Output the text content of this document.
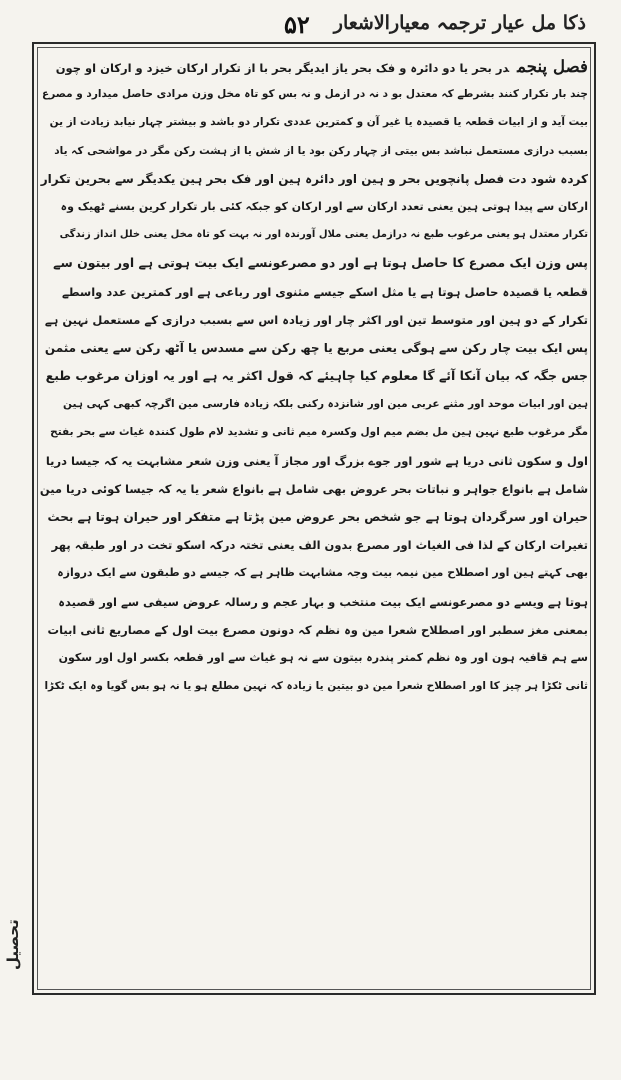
ذکا مل عیار ترجمہ معیارالاشعار
۵۲
فصل پنجمدر بحر یا دو دائرہ و فک بحر یاز ایدیگر بحر با از تکرار ارکان خیزد و ارکان او چون
چند بار تکرار کنند بشرطے کہ معتدل بو د نہ در ازمل و نہ بس کو تاہ مخل وزن مرادی حاصل میدارد و مصرع
بیت آید و از ابیات قطعہ یا قصیدہ یا غیر آن و کمترین عددی تکرار دو باشد و بیشتر چہار نیابد زیادت از ین
بسبب درازی مستعمل نباشد بس بیتی از چہار رکن بود یا از شش یا از ہشت رکن مگر در مواشحی کہ یاد
کردہ شود دت فصل پانچویں بحر و ہین اور دائرہ ہین اور فک بحر ہین یکدیگر سے بحرین تکرار
ارکان سے پیدا ہوتی ہین یعنی تعدد ارکان سے اور ارکان کو جبکہ کئی بار تکرار کرین بسنے ٹھیک وہ
تکرار معتدل ہو یعنی مرغوب طبع نہ درازمل یعنی ملال آورندہ اور نہ بہت کو تاہ مخل یعنی خلل انداز زندگی
پس وزن ایک مصرع کا حاصل ہوتا ہے اور دو مصرعونسے ایک بیت ہوتی ہے اور بیتون سے
قطعہ یا قصیدہ حاصل ہوتا ہے یا مثل اسکے جیسے مثنوی اور رباعی ہے اور کمترین عدد واسطے
تکرار کے دو ہین اور متوسط تین اور اکثر چار اور زیادہ اس سے بسبب درازی کے مستعمل نہین ہے
پس ایک بیت چار رکن سے ہوگی یعنی مربع یا چھ رکن سے مسدس یا آٹھ رکن سے یعنی مثمن
جس جگہ کہ بیان آنکا آئے گا معلوم کیا چاہیئے کہ قول اکثر یہ ہے اور یہ اوزان مرغوب طبع
ہین اور ابیات موحد اور مثنے عربی مین اور شانزدہ رکنی بلکہ زیادہ فارسی مین اگرچہ کبھی کہی ہین
مگر مرغوب طبع نہین ہین مل بضم میم اول وکسرہ میم ثانی و تشدید لام طول کنندہ غیاث سے بحر بفتح
اول و سکون ثانی دریا ہے شور اور جوے بزرگ اور مجاز آ یعنی وزن شعر مشابہت یہ کہ جیسا دریا
شامل ہے بانواع جواہر و نباتات بحر عروض بھی شامل ہے بانواع شعر یا یہ کہ جیسا کوئی دریا مین
حیران اور سرگردان ہوتا ہے جو شخص بحر عروض مین پڑتا ہے متفکر اور حیران ہوتا ہے بحث
تغیرات ارکان کے لذا فی الغیاث اور مصرع بدون الف یعنی تختہ درکہ اسکو تخت در اور طبقہ پھر
بھی کہتے ہین اور اصطلاح مین نیمہ بیت وجہ مشابہت ظاہر ہے کہ جیسے دو طبقون سے ایک دروازہ
ہوتا ہے ویسے دو مصرعونسے ایک بیت منتخب و بہار عجم و رسالہ عروض سیفی سے اور قصیدہ
بمعنی مغز سطبر اور اصطلاح شعرا مین وہ نظم کہ دونون مصرع بیت اول کے مصاریع ثانی ابیات
سے ہم قافیہ ہون اور وہ نظم کمتر پندرہ بیتون سے نہ ہو غیاث سے اور قطعہ بکسر اول اور سکون
ثانی ٹکڑا ہر چیز کا اور اصطلاح شعرا مین دو بیتین یا زیادہ کہ نہین مطلع ہو یا نہ ہو بس گویا وہ ایک ٹکڑا
تحصیل
